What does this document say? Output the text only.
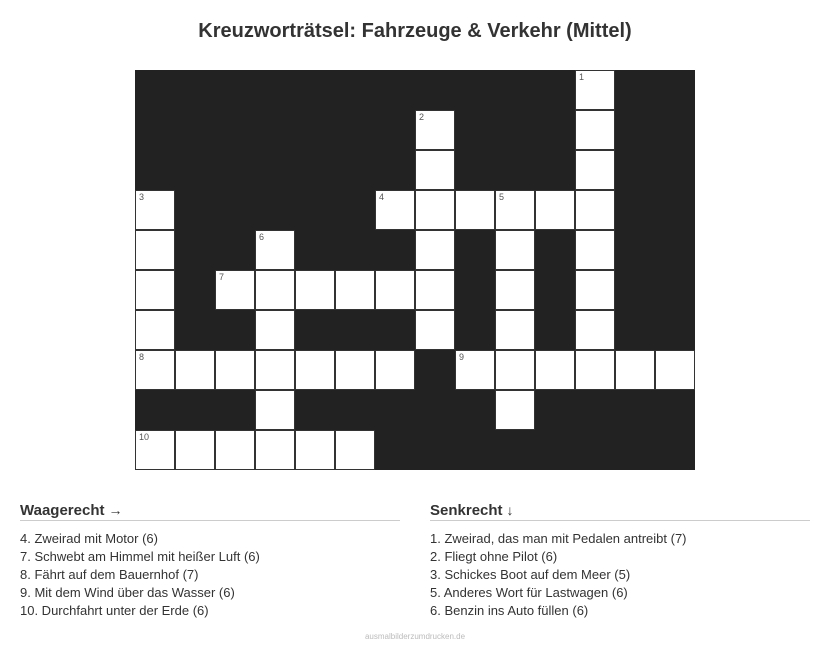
Kreuzworträtsel: Fahrzeuge & Verkehr (Mittel)
1
2
3	4	5
6
7
8	9
10
Waagerecht →
4. Zweirad mit Motor (6)
7. Schwebt am Himmel mit heißer Luft (6)
8. Fährt auf dem Bauernhof (7)
9. Mit dem Wind über das Wasser (6)
10. Durchfahrt unter der Erde (6)
Senkrecht ↓
1. Zweirad, das man mit Pedalen antreibt (7)
2. Fliegt ohne Pilot (6)
3. Schickes Boot auf dem Meer (5)
5. Anderes Wort für Lastwagen (6)
6. Benzin ins Auto füllen (6)
ausmalbilderzumdrucken.de
